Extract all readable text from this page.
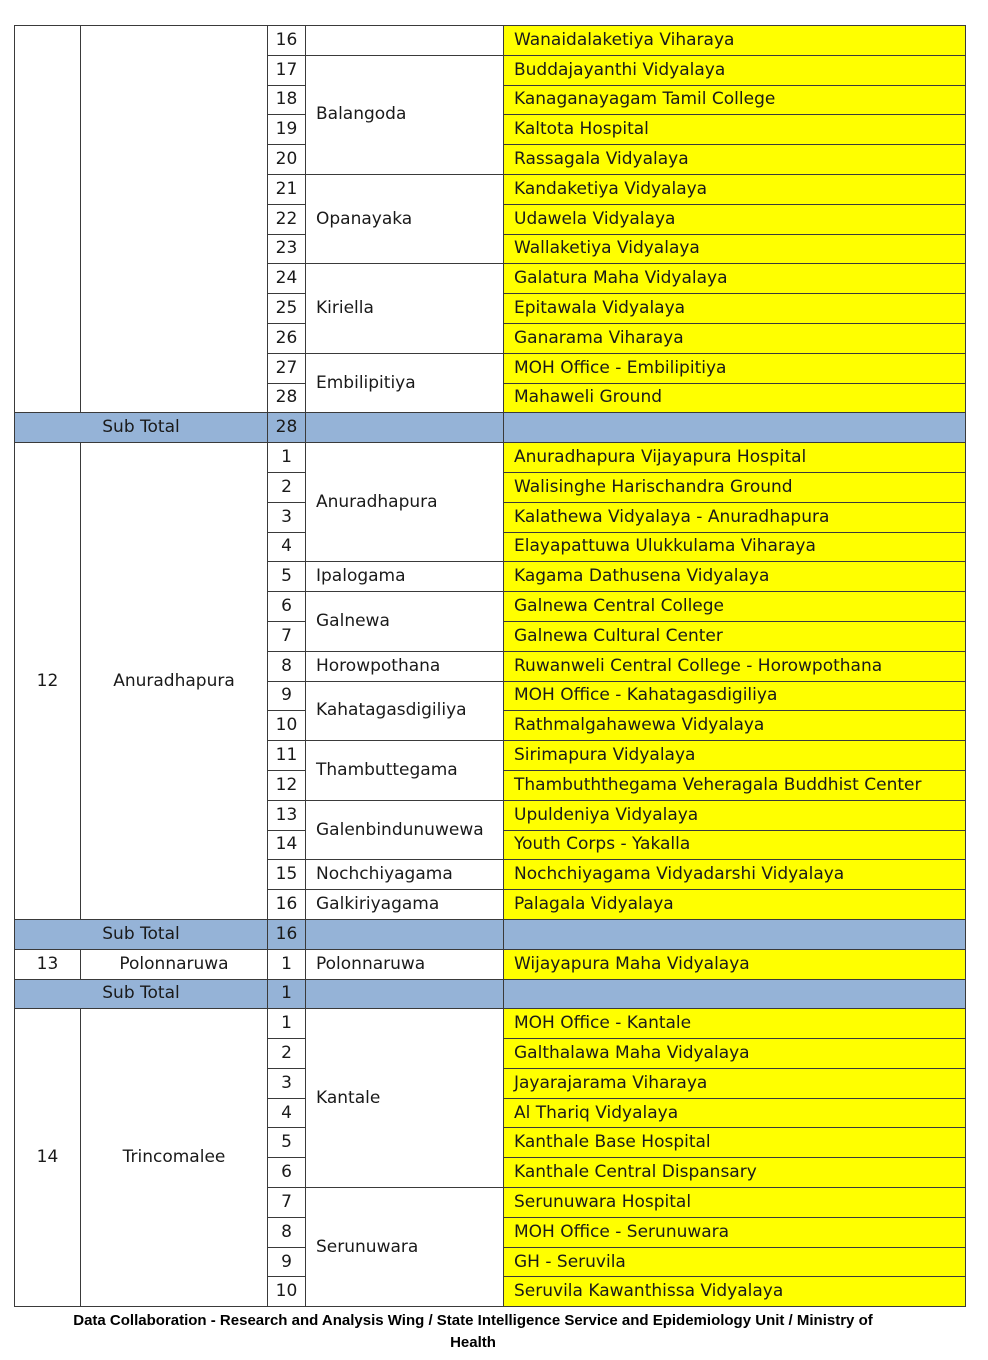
		16		Wanaidalaketiya Viharaya
		17	Balangoda	Buddajayanthi Vidyalaya
		18		Kanaganayagam Tamil College
		19		Kaltota Hospital
		20		Rassagala Vidyalaya
		21	Opanayaka	Kandaketiya Vidyalaya
		22		Udawela Vidyalaya
		23		Wallaketiya Vidyalaya
		24	Kiriella	Galatura Maha Vidyalaya
		25		Epitawala Vidyalaya
		26		Ganarama Viharaya
		27	Embilipitiya	MOH Office - Embilipitiya
		28		Mahaweli Ground
Sub Total		28		
12	Anuradhapura	1	Anuradhapura	Anuradhapura Vijayapura Hospital
		2		Walisinghe Harischandra Ground
		3		Kalathewa Vidyalaya - Anuradhapura
		4		Elayapattuwa Ulukkulama Viharaya
		5	Ipalogama	Kagama Dathusena Vidyalaya
		6	Galnewa	Galnewa Central College
		7		Galnewa Cultural Center
		8	Horowpothana	Ruwanweli Central College - Horowpothana
		9	Kahatagasdigiliya	MOH Office - Kahatagasdigiliya
		10		Rathmalgahawewa Vidyalaya
		11	Thambuttegama	Sirimapura Vidyalaya
		12		Thambuththegama Veheragala Buddhist Center
		13	Galenbindunuwewa	Upuldeniya Vidyalaya
		14		Youth Corps - Yakalla
		15	Nochchiyagama	Nochchiyagama Vidyadarshi Vidyalaya
		16	Galkiriyagama	Palagala Vidyalaya
Sub Total		16		
13	Polonnaruwa	1	Polonnaruwa	Wijayapura Maha Vidyalaya
Sub Total		1		
14	Trincomalee	1	Kantale	MOH Office - Kantale
		2		Galthalawa Maha Vidyalaya
		3		Jayarajarama Viharaya
		4		Al Thariq Vidyalaya
		5		Kanthale Base Hospital
		6		Kanthale Central Dispansary
		7	Serunuwara	Serunuwara Hospital
		8		MOH Office - Serunuwara
		9		GH - Seruvila
		10		Seruvila Kawanthissa Vidyalaya
Data Collaboration - Research and Analysis Wing / State Intelligence Service and Epidemiology Unit / Ministry of
Health
